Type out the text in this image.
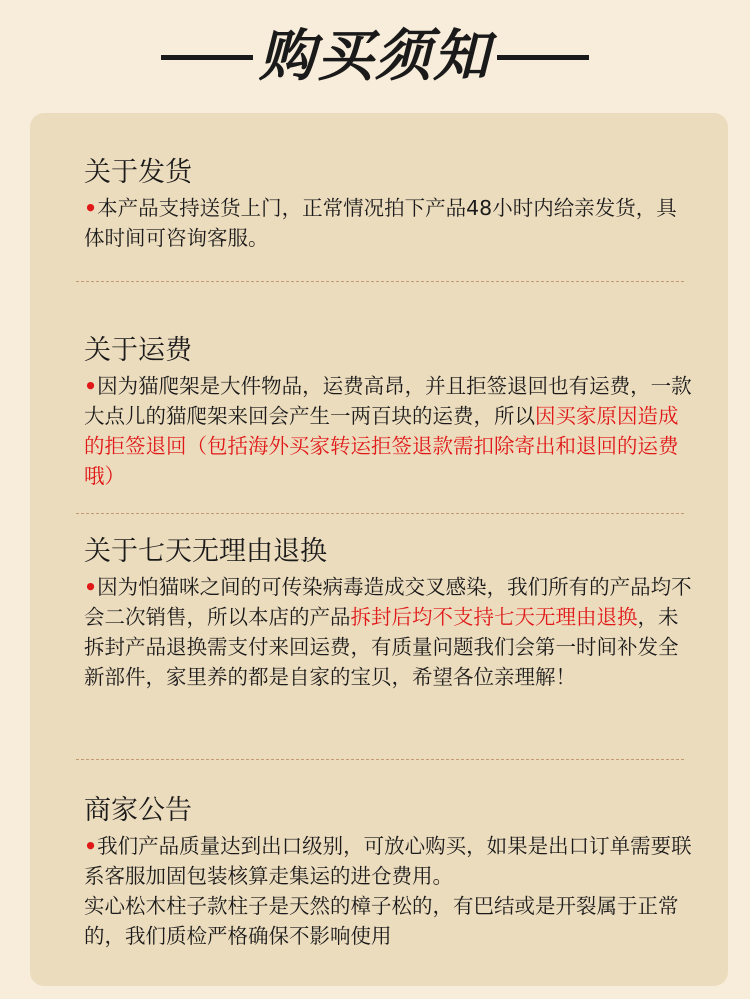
购买须知
关于发货

•本产品支持送货上门，正常情况拍下产品48小时内给亲发货，具体时间可咨询客服。

关于运费

•因为猫爬架是大件物品，运费高昂，并且拒签退回也有运费，一款大点儿的猫爬架来回会产生一两百块的运费，所以因买家原因造成的拒签退回（包括海外买家转运拒签退款需扣除寄出和退回的运费哦）

关于七天无理由退换

•因为怕猫咪之间的可传染病毒造成交叉感染，我们所有的产品均不会二次销售，所以本店的产品拆封后均不支持七天无理由退换，未拆封产品退换需支付来回运费，有质量问题我们会第一时间补发全新部件，家里养的都是自家的宝贝，希望各位亲理解！

商家公告

•我们产品质量达到出口级别，可放心购买，如果是出口订单需要联系客服加固包装核算走集运的进仓费用。

实心松木柱子款柱子是天然的樟子松的，有巴结或是开裂属于正常的，我们质检严格确保不影响使用
